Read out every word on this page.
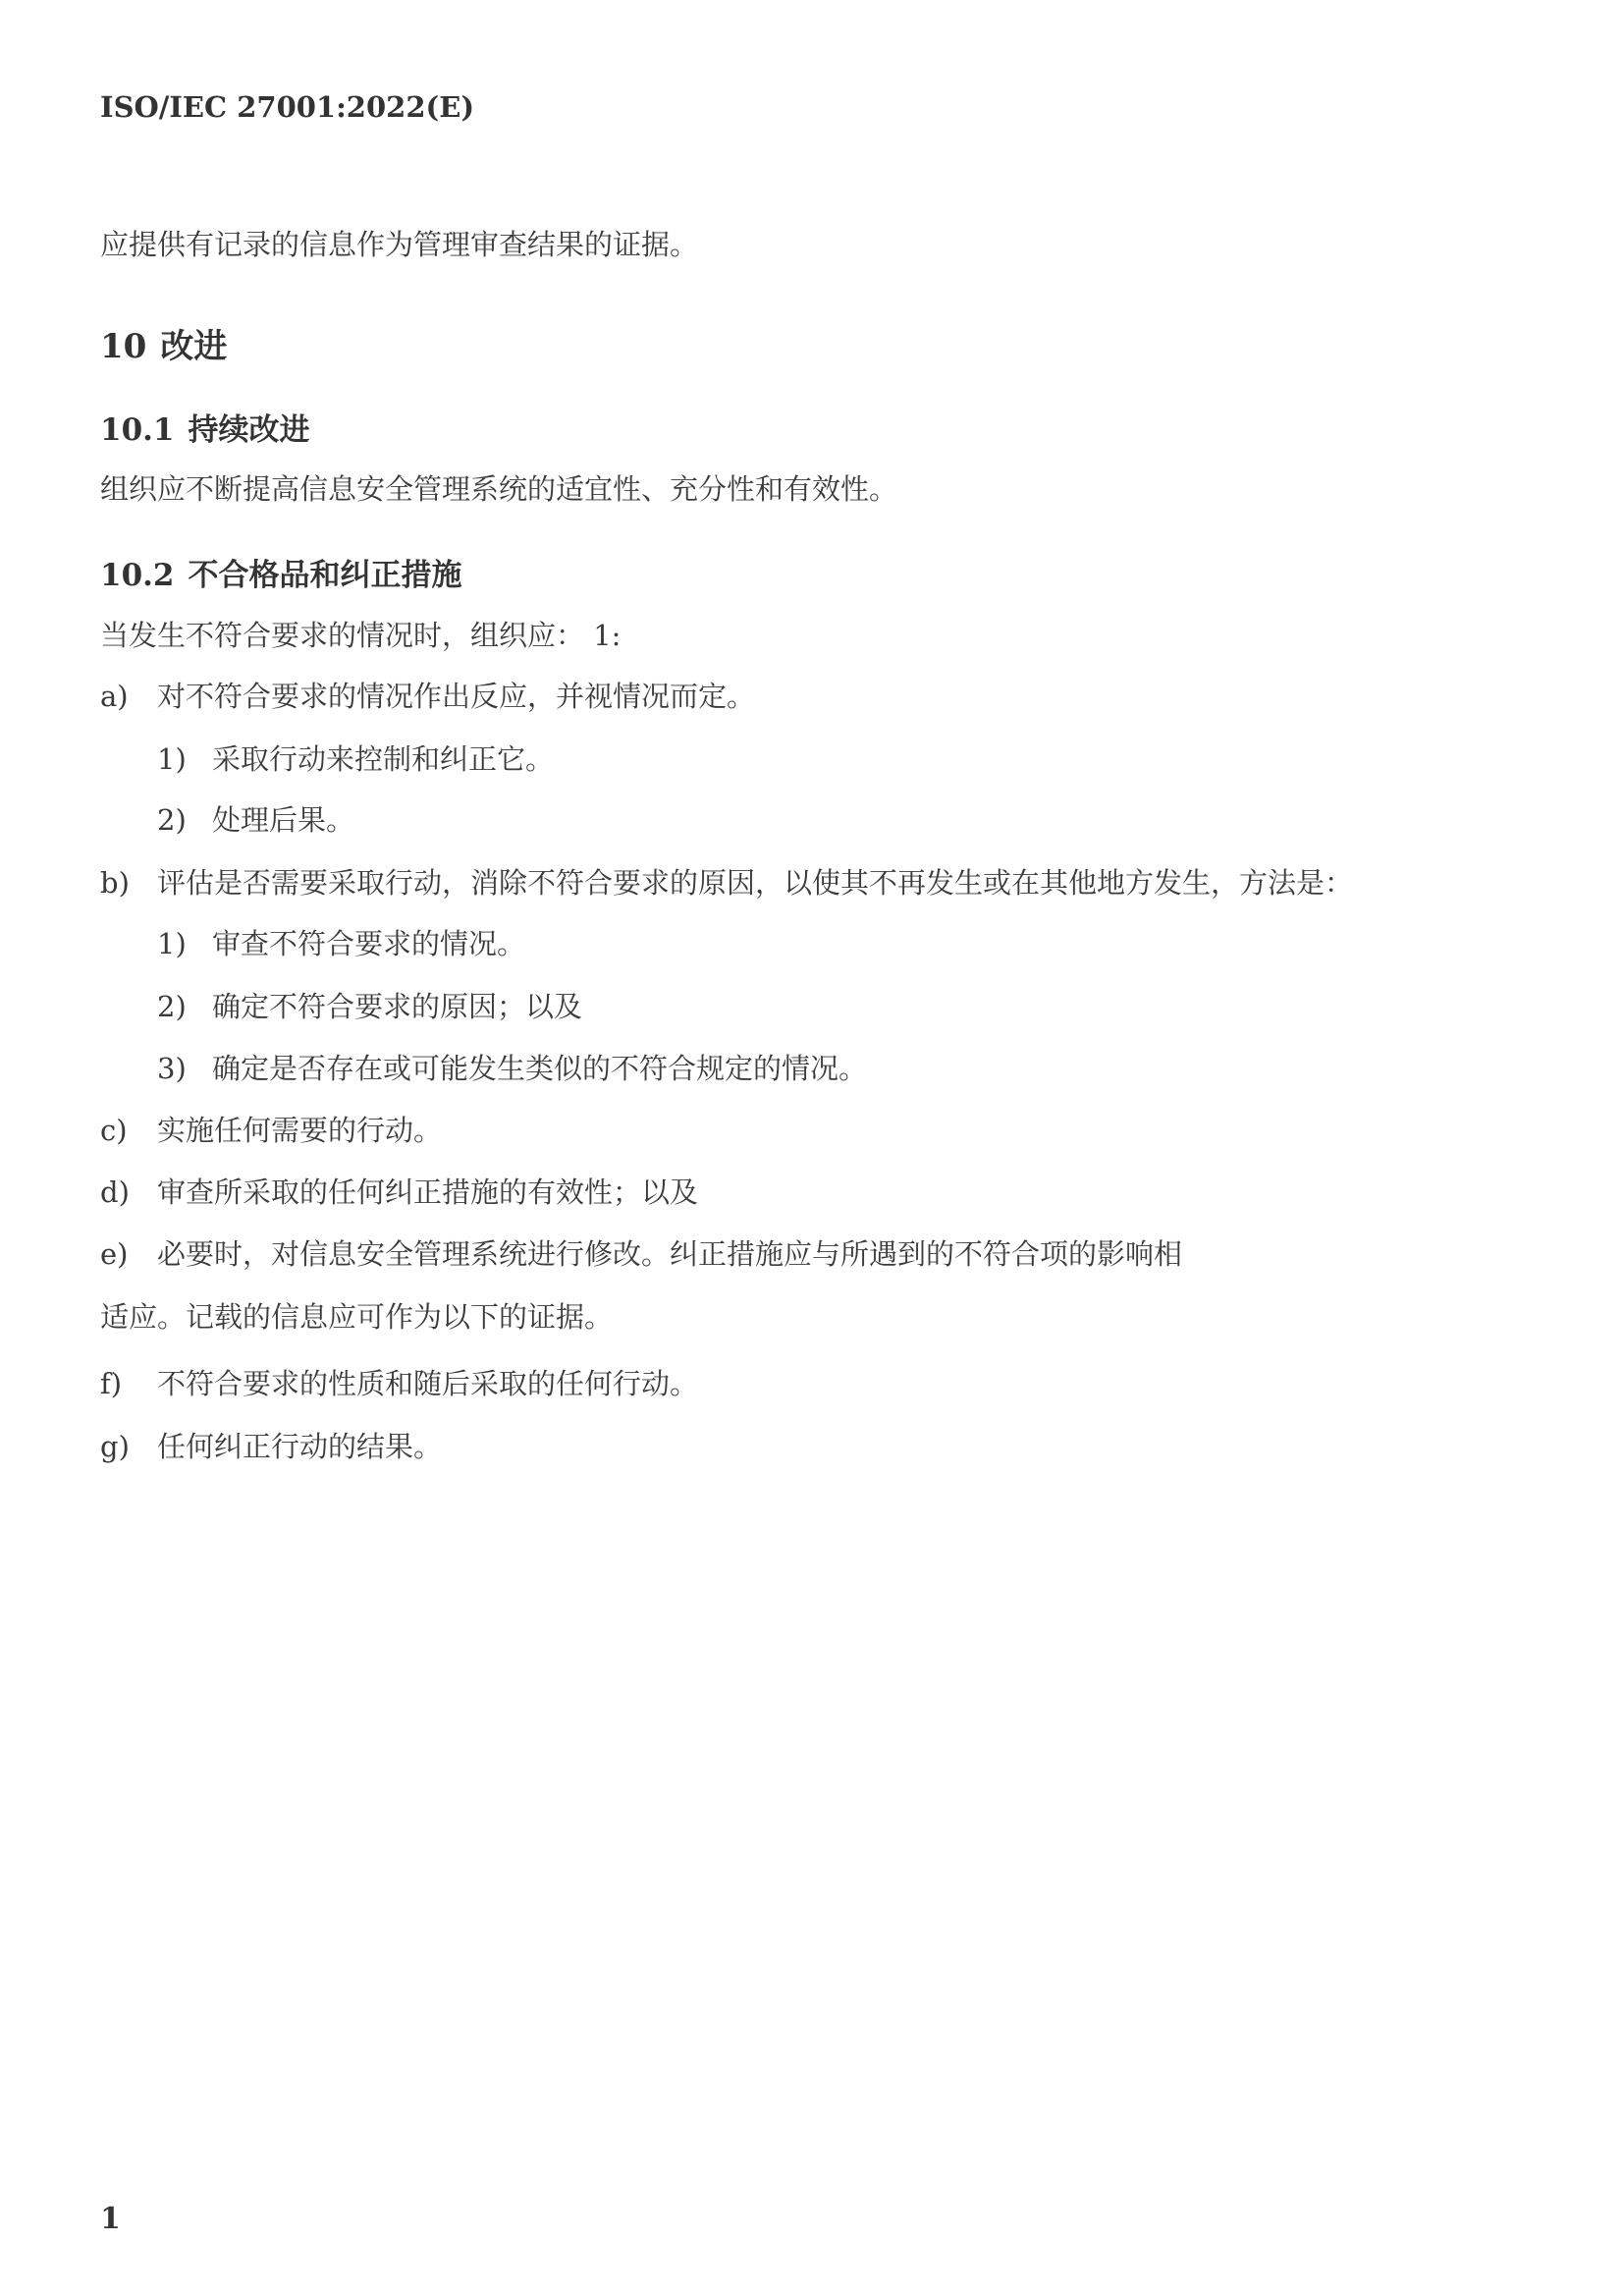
ISO/IEC 27001:2022(E)
应提供有记录的信息作为管理审查结果的证据。
10 改进
10.1 持续改进
组织应不断提高信息安全管理系统的适宜性、充分性和有效性。
10.2 不合格品和纠正措施
当发生不符合要求的情况时，组织应： 1:
a) 对不符合要求的情况作出反应，并视情况而定。
1) 采取行动来控制和纠正它。
2) 处理后果。
b) 评估是否需要采取行动，消除不符合要求的原因，以使其不再发生或在其他地方发生，方法是：
1) 审查不符合要求的情况。
2) 确定不符合要求的原因；以及
3) 确定是否存在或可能发生类似的不符合规定的情况。
c) 实施任何需要的行动。
d) 审查所采取的任何纠正措施的有效性；以及
e) 必要时，对信息安全管理系统进行修改。纠正措施应与所遇到的不符合项的影响相
适应。记载的信息应可作为以下的证据。
f) 不符合要求的性质和随后采取的任何行动。
g) 任何纠正行动的结果。
1
